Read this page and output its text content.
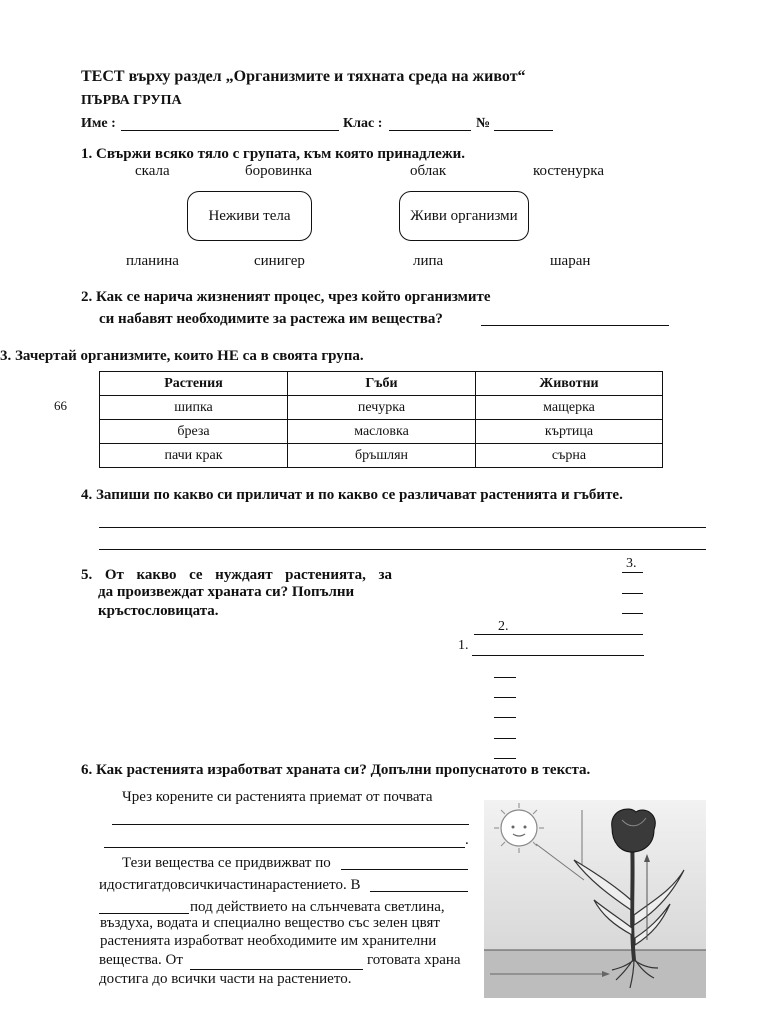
ТЕСТ върху раздел „Организмите и тяхната среда на живот“
ПЪРВА ГРУПА
Име :	Клас :	№
1. Свържи всяко тяло с групата, към която принадлежи.
скала	боровинка	облак	костенурка
Неживи тела	Живи организми
планина	синигер	липа	шаран
2. Как се нарича жизненият процес, чрез който организмите
си набавят необходимите за растежа им вещества?
3. Зачертай организмите, които НЕ са в своята група.
66
Растения	Гъби	Животни
шипка	печурка	мащерка
бреза	масловка	къртица
пачи крак	бръшлян	сърна
4. Запиши по какво си приличат и по какво се различават растенията и гъбите.
5. От какво се нуждаят растенията, за
да произвеждат храната си? Попълни
кръстословицата.
3.
2.
1.
6. Как растенията изработват храната си? Допълни пропуснатото в текста.
Чрез корените си растенията приемат от почвата
.
Тези вещества се придвижват по
идостигатдовсичкичастинарастението. В
под действието на слънчевата светлина,
въздуха, водата и специално вещество със зелен цвят
растенията изработват необходимите им хранителни
вещества. От	готовата храна
достига до всички части на растението.
